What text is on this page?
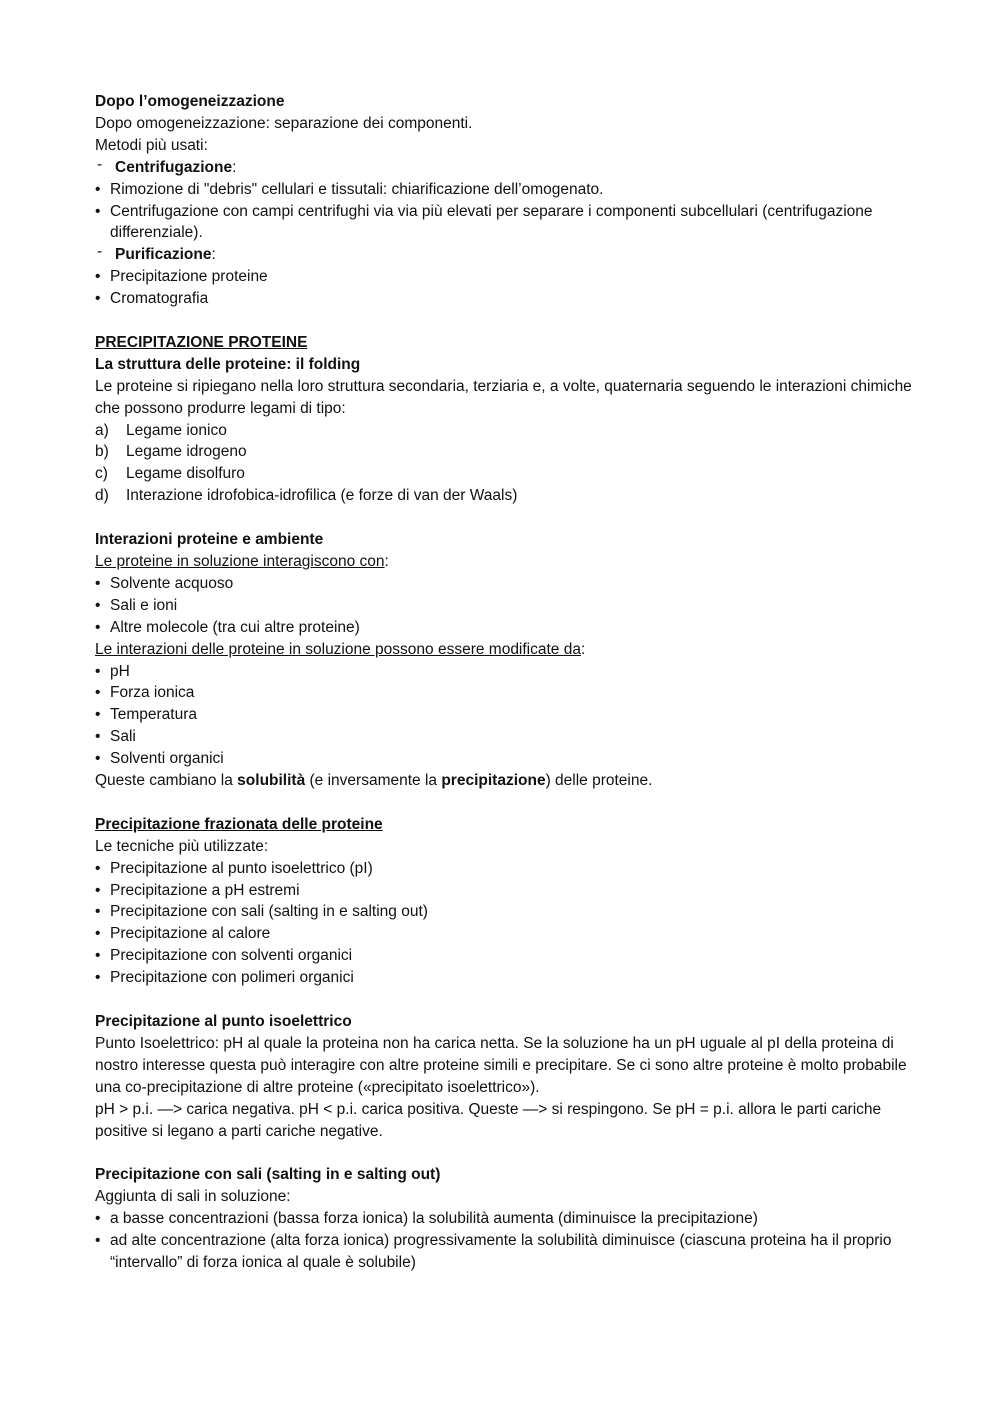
Dopo l’omogeneizzazione
Dopo omogeneizzazione: separazione dei componenti.
Metodi più usati:
- Centrifugazione:
• Rimozione di "debris" cellulari e tissutali: chiarificazione dell’omogenato.
• Centrifugazione con campi centrifughi via via più elevati per separare i componenti subcellulari (centrifugazione differenziale).
- Purificazione:
• Precipitazione proteine
• Cromatografia
PRECIPITAZIONE PROTEINE
La struttura delle proteine: il folding
Le proteine si ripiegano nella loro struttura secondaria, terziaria e, a volte, quaternaria seguendo le interazioni chimiche che possono produrre legami di tipo:
a) Legame ionico
b) Legame idrogeno
c) Legame disolfuro
d) Interazione idrofobica-idrofilica (e forze di van der Waals)
Interazioni proteine e ambiente
Le proteine in soluzione interagiscono con:
• Solvente acquoso
• Sali e ioni
• Altre molecole (tra cui altre proteine)
Le interazioni delle proteine in soluzione possono essere modificate da:
• pH
• Forza ionica
• Temperatura
• Sali
• Solventi organici
Queste cambiano la solubilità (e inversamente la precipitazione) delle proteine.
Precipitazione frazionata delle proteine
Le tecniche più utilizzate:
• Precipitazione al punto isoelettrico (pI)
• Precipitazione a pH estremi
• Precipitazione con sali (salting in e salting out)
• Precipitazione al calore
• Precipitazione con solventi organici
• Precipitazione con polimeri organici
Precipitazione al punto isoelettrico
Punto Isoelettrico: pH al quale la proteina non ha carica netta. Se la soluzione ha un pH uguale al pI della proteina di nostro interesse questa può interagire con altre proteine simili e precipitare. Se ci sono altre proteine è molto probabile una co-precipitazione di altre proteine («precipitato isoelettrico»).
pH > p.i. —> carica negativa. pH < p.i. carica positiva. Queste —> si respingono. Se pH = p.i. allora le parti cariche positive si legano a parti cariche negative.
Precipitazione con sali (salting in e salting out)
Aggiunta di sali in soluzione:
• a basse concentrazioni (bassa forza ionica) la solubilità aumenta (diminuisce la precipitazione)
• ad alte concentrazione (alta forza ionica) progressivamente la solubilità diminuisce (ciascuna proteina ha il proprio “intervallo” di forza ionica al quale è solubile)
